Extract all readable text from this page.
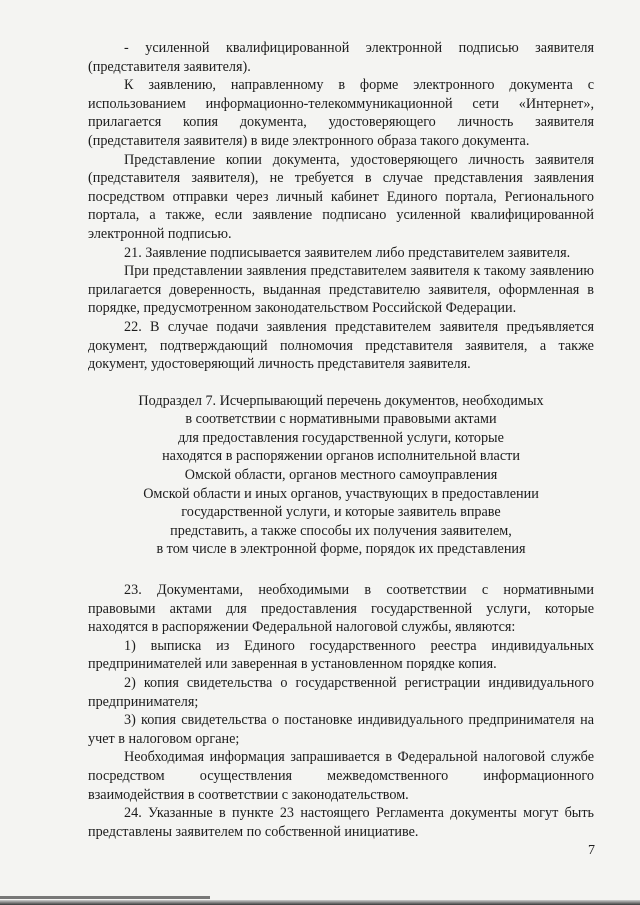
- усиленной квалифицированной электронной подписью заявителя (представителя заявителя).

К заявлению, направленному в форме электронного документа с использованием информационно-телекоммуникационной сети «Интернет», прилагается копия документа, удостоверяющего личность заявителя (представителя заявителя) в виде электронного образа такого документа.

Представление копии документа, удостоверяющего личность заявителя (представителя заявителя), не требуется в случае представления заявления посредством отправки через личный кабинет Единого портала, Регионального портала, а также, если заявление подписано усиленной квалифицированной электронной подписью.

21. Заявление подписывается заявителем либо представителем заявителя.

При представлении заявления представителем заявителя к такому заявлению прилагается доверенность, выданная представителю заявителя, оформленная в порядке, предусмотренном законодательством Российской Федерации.

22. В случае подачи заявления представителем заявителя предъявляется документ, подтверждающий полномочия представителя заявителя, а также документ, удостоверяющий личность представителя заявителя.

Подраздел 7. Исчерпывающий перечень документов, необходимых
в соответствии с нормативными правовыми актами
для предоставления государственной услуги, которые
находятся в распоряжении органов исполнительной власти
Омской области, органов местного самоуправления
Омской области и иных органов, участвующих в предоставлении
государственной услуги, и которые заявитель вправе
представить, а также способы их получения заявителем,
в том числе в электронной форме, порядок их представления

23. Документами, необходимыми в соответствии с нормативными правовыми актами для предоставления государственной услуги, которые находятся в распоряжении Федеральной налоговой службы, являются:

1) выписка из Единого государственного реестра индивидуальных предпринимателей или заверенная в установленном порядке копия.

2) копия свидетельства о государственной регистрации индивидуального предпринимателя;

3) копия свидетельства о постановке индивидуального предпринимателя на учет в налоговом органе;

Необходимая информация запрашивается в Федеральной налоговой службе посредством осуществления межведомственного информационного взаимодействия в соответствии с законодательством.

24. Указанные в пункте 23 настоящего Регламента документы могут быть представлены заявителем по собственной инициативе.

7
